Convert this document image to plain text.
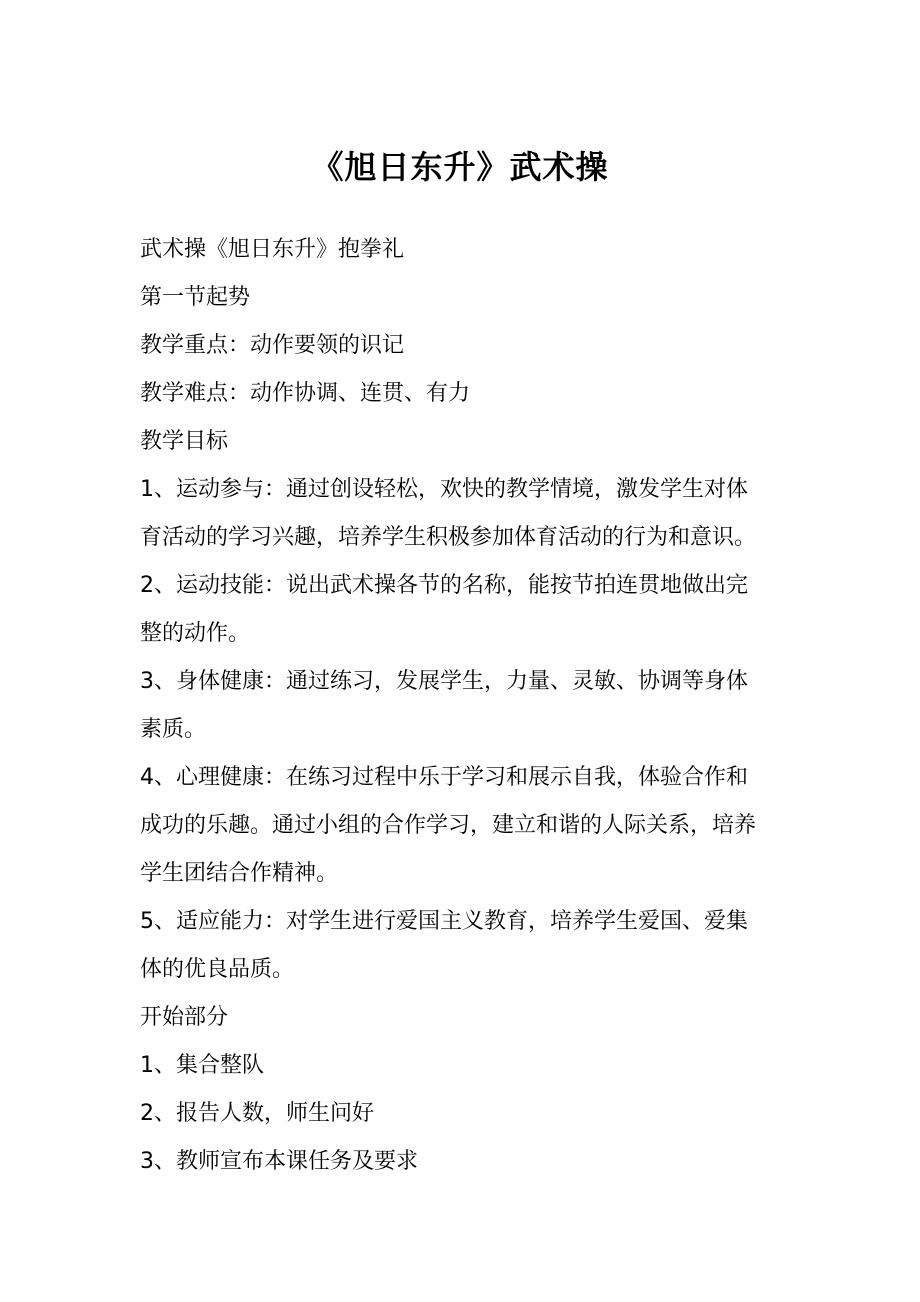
《旭日东升》武术操
武术操《旭日东升》抱拳礼
第一节起势
教学重点：动作要领的识记
教学难点：动作协调、连贯、有力
教学目标
1、运动参与：通过创设轻松，欢快的教学情境，激发学生对体
育活动的学习兴趣，培养学生积极参加体育活动的行为和意识。
2、运动技能：说出武术操各节的名称，能按节拍连贯地做出完
整的动作。
3、身体健康：通过练习，发展学生，力量、灵敏、协调等身体
素质。
4、心理健康：在练习过程中乐于学习和展示自我，体验合作和
成功的乐趣。通过小组的合作学习，建立和谐的人际关系，培养
学生团结合作精神。
5、适应能力：对学生进行爱国主义教育，培养学生爱国、爱集
体的优良品质。
开始部分
1、集合整队
2、报告人数，师生问好
3、教师宣布本课任务及要求
